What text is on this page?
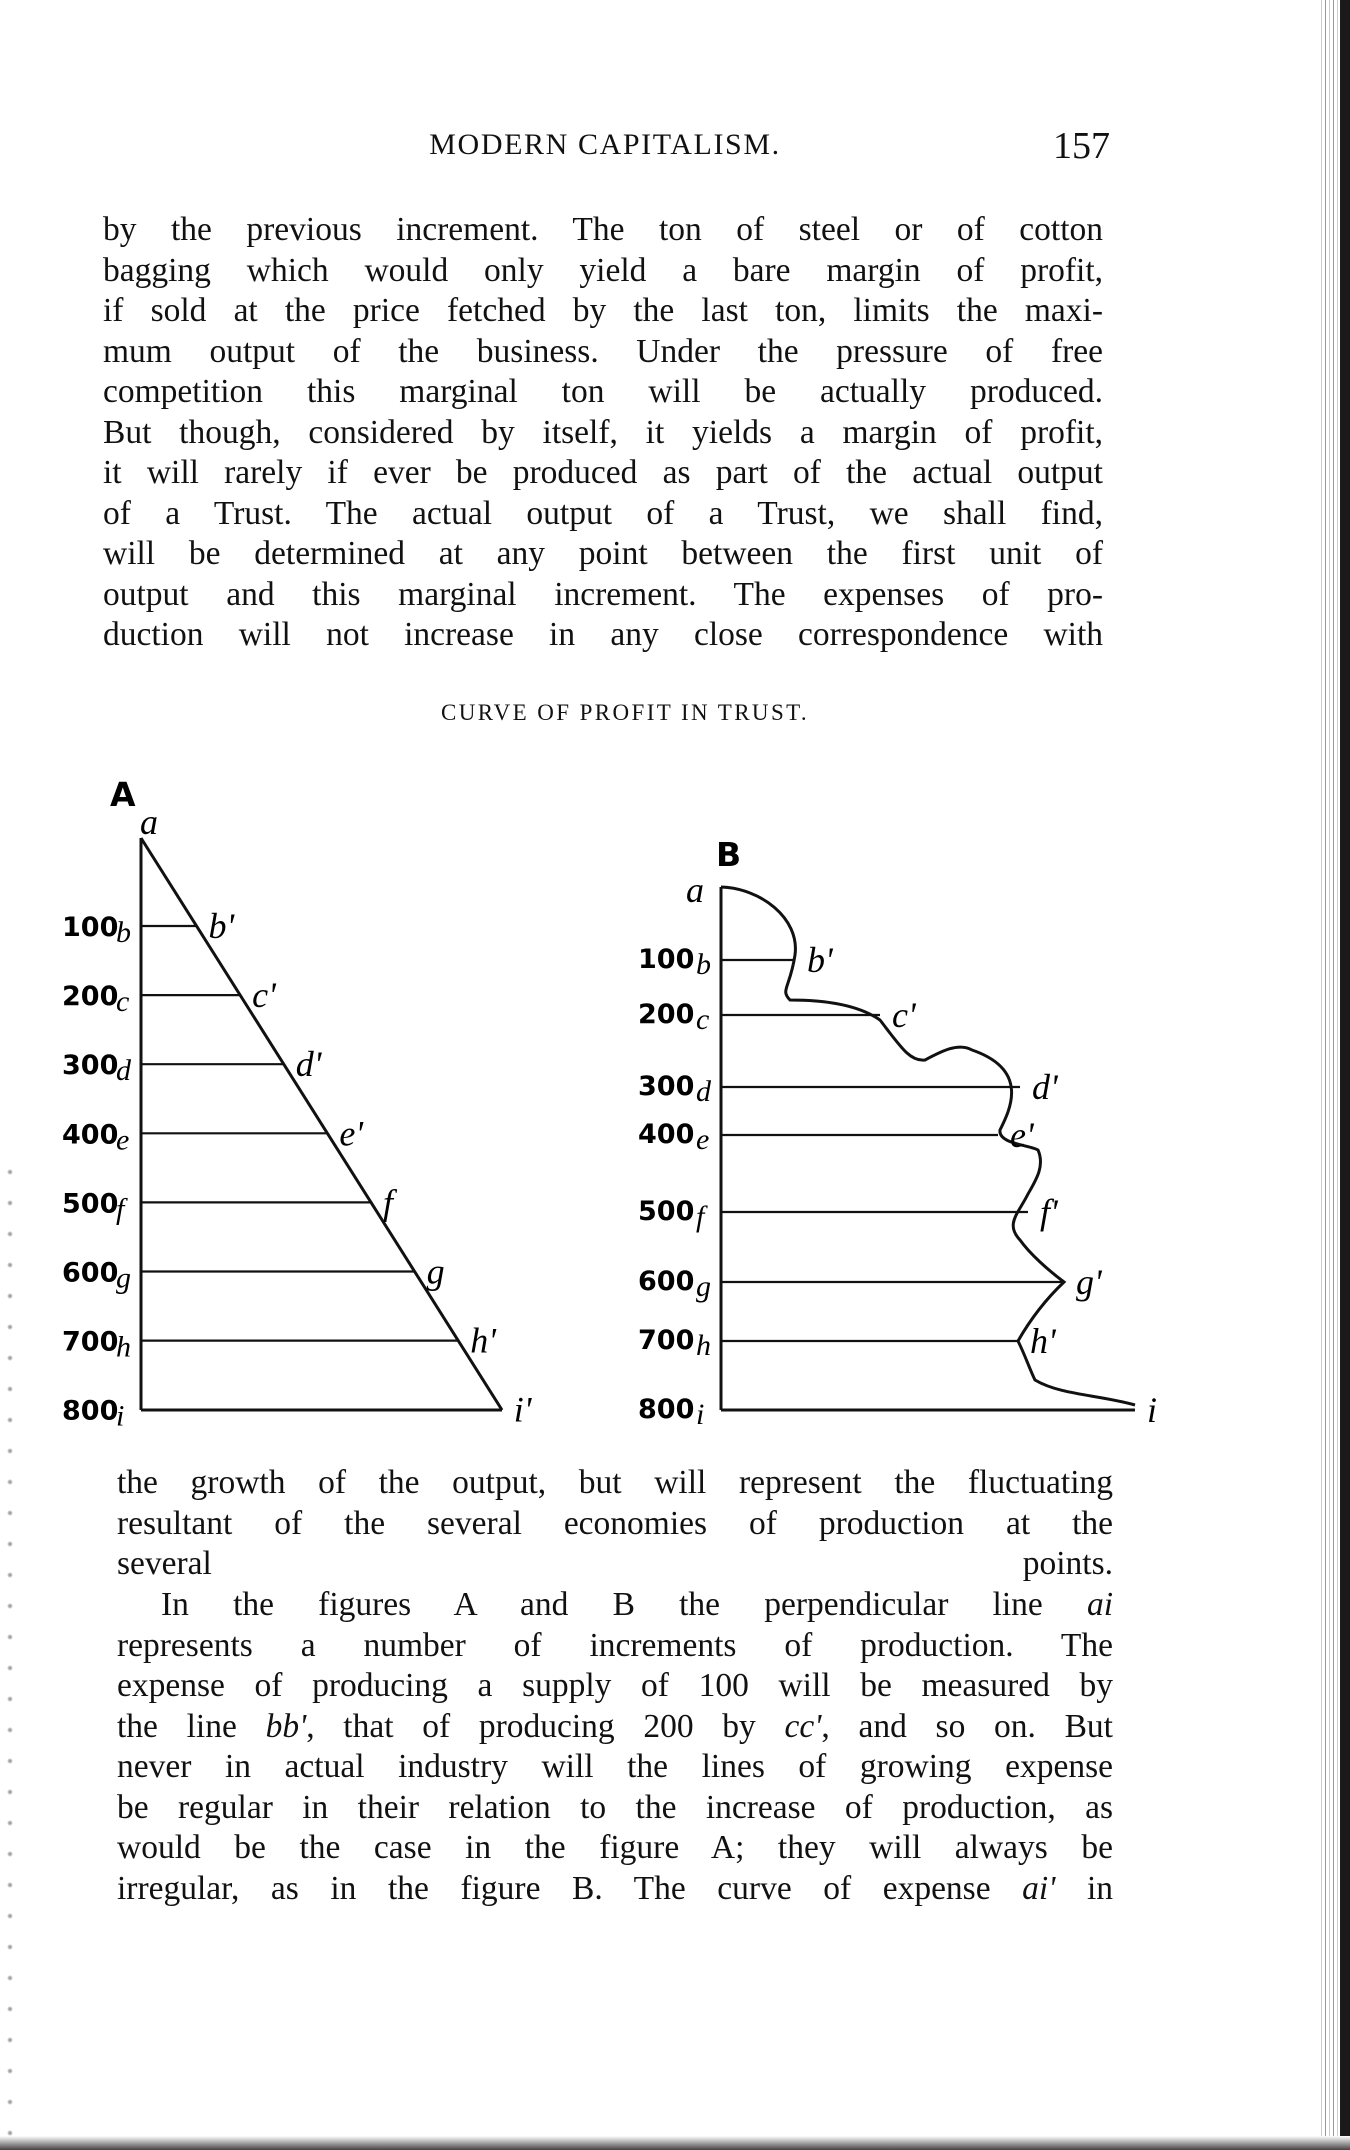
MODERN CAPITALISM.	157

by the previous increment. The ton of steel or of cotton
bagging which would only yield a bare margin of profit,
if sold at the price fetched by the last ton, limits the maxi-
mum output of the business. Under the pressure of free
competition this marginal ton will be actually produced.
But though, considered by itself, it yields a margin of profit,
it will rarely if ever be produced as part of the actual output
of a Trust. The actual output of a Trust, we shall find,
will be determined at any point between the first unit of
output and this marginal increment. The expenses of pro-
duction will not increase in any close correspondence with

CURVE OF PROFIT IN TRUST.
A
a
100
b b'
200
c	c'
300
d	d'
400
e	e'
500
f	f
600
g	g
700
h	h'
800
i	i'
B
a
100 b	b'
200 c	c'
300 d	d'
400 e	e'
500 f	f'
600 g	g'
700 h	h'
800 i	i

the growth of the output, but will represent the fluctuating
resultant of the several economies of production at the
several points.

In the figures A and B the perpendicular line ai
represents a number of increments of production. The
expense of producing a supply of 100 will be measured by
the line bb', that of producing 200 by cc', and so on. But
never in actual industry will the lines of growing expense
be regular in their relation to the increase of production, as
would be the case in the figure A; they will always be
irregular, as in the figure B. The curve of expense ai' in
